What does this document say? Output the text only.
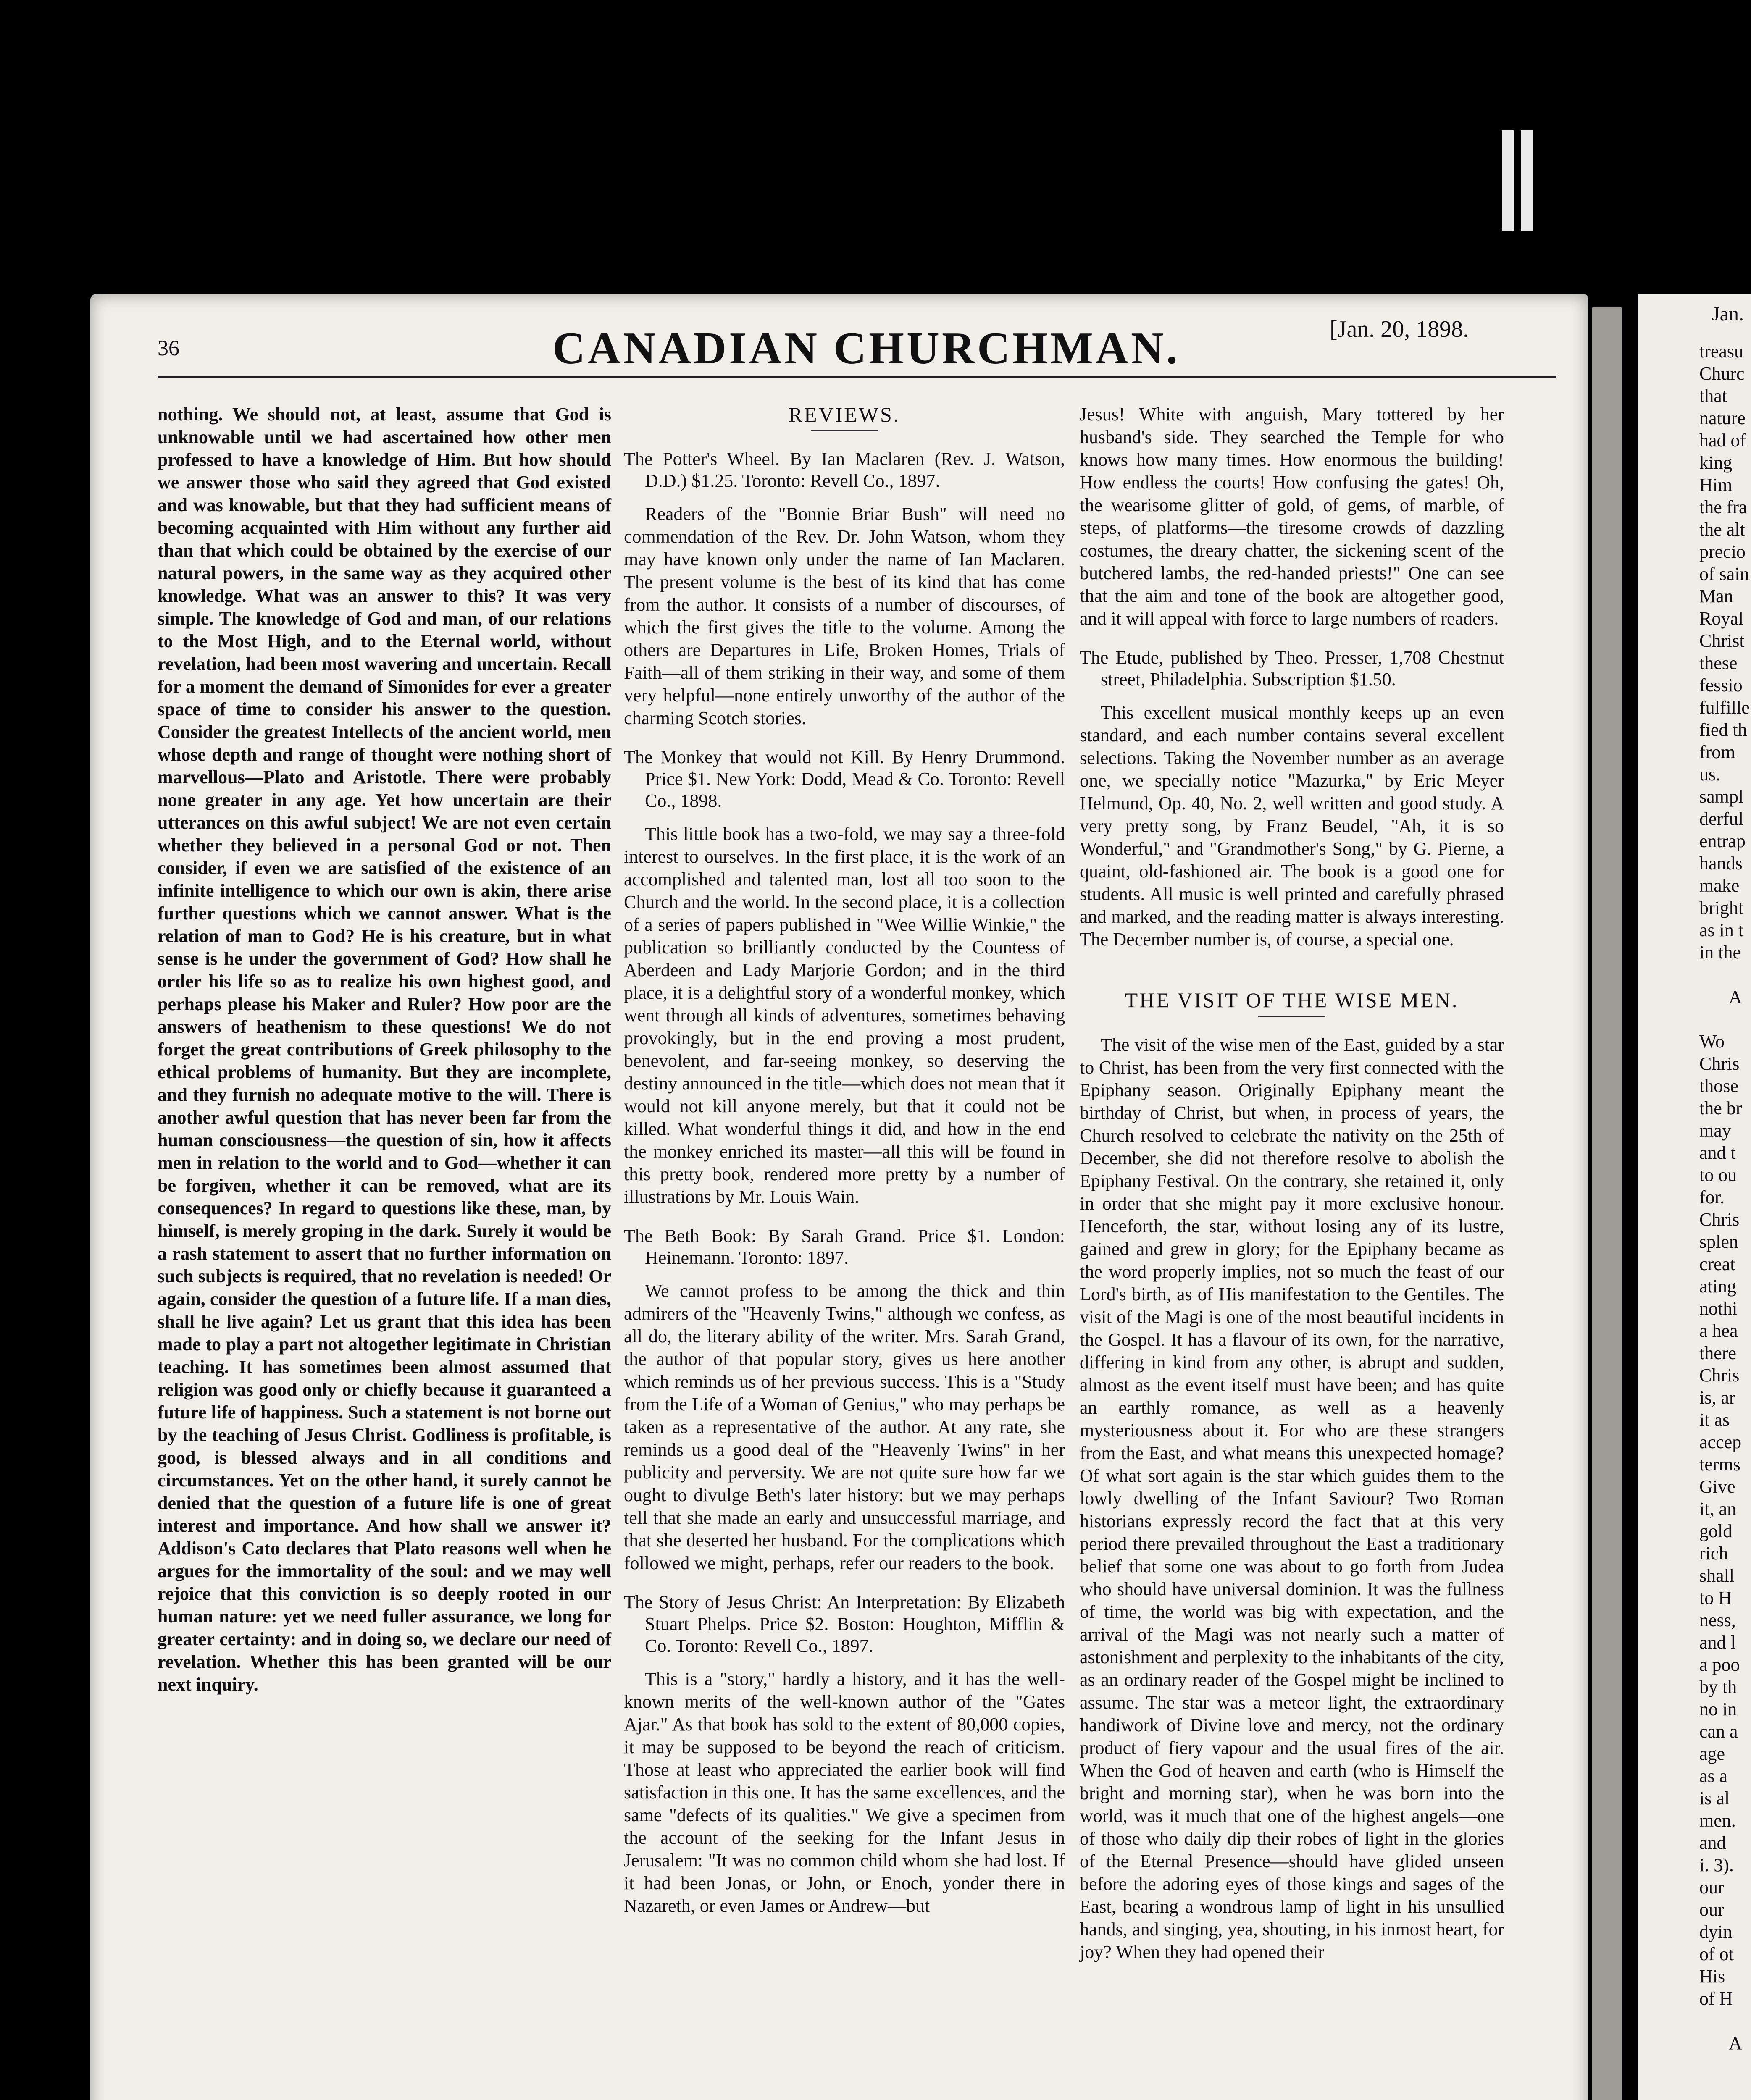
36	CANADIAN CHURCHMAN.	[Jan. 20, 1898.

nothing. We should not, at least, assume that God is unknowable until we had ascertained how other men professed to have a knowledge of Him. But how should we answer those who said they agreed that God existed and was knowable, but that they had sufficient means of becoming acquainted with Him without any further aid than that which could be obtained by the exercise of our natural powers, in the same way as they acquired other knowledge. What was an answer to this? It was very simple. The knowledge of God and man, of our relations to the Most High, and to the Eternal world, without revelation, had been most wavering and uncertain. Recall for a moment the demand of Simonides for ever a greater space of time to consider his answer to the question. Consider the greatest Intellects of the ancient world, men whose depth and range of thought were nothing short of marvellous—Plato and Aristotle. There were probably none greater in any age. Yet how uncertain are their utterances on this awful subject! We are not even certain whether they believed in a personal God or not. Then consider, if even we are satisfied of the existence of an infinite intelligence to which our own is akin, there arise further questions which we cannot answer. What is the relation of man to God? He is his creature, but in what sense is he under the government of God? How shall he order his life so as to realize his own highest good, and perhaps please his Maker and Ruler? How poor are the answers of heathenism to these questions! We do not forget the great contributions of Greek philosophy to the ethical problems of humanity. But they are incomplete, and they furnish no adequate motive to the will. There is another awful question that has never been far from the human consciousness—the question of sin, how it affects men in relation to the world and to God—whether it can be forgiven, whether it can be removed, what are its consequences? In regard to questions like these, man, by himself, is merely groping in the dark. Surely it would be a rash statement to assert that no further information on such subjects is required, that no revelation is needed! Or again, consider the question of a future life. If a man dies, shall he live again? Let us grant that this idea has been made to play a part not altogether legitimate in Christian teaching. It has sometimes been almost assumed that religion was good only or chiefly because it guaranteed a future life of happiness. Such a statement is not borne out by the teaching of Jesus Christ. Godliness is profitable, is good, is blessed always and in all conditions and circumstances. Yet on the other hand, it surely cannot be denied that the question of a future life is one of great interest and importance. And how shall we answer it? Addison's Cato declares that Plato reasons well when he argues for the immortality of the soul: and we may well rejoice that this conviction is so deeply rooted in our human nature: yet we need fuller assurance, we long for greater certainty: and in doing so, we declare our need of revelation. Whether this has been granted will be our next inquiry.

REVIEWS.

The Potter's Wheel. By Ian Maclaren (Rev. J. Watson, D.D.) $1.25. Toronto: Revell Co., 1897.

Readers of the "Bonnie Briar Bush" will need no commendation of the Rev. Dr. John Watson, whom they may have known only under the name of Ian Maclaren. The present volume is the best of its kind that has come from the author. It consists of a number of discourses, of which the first gives the title to the volume. Among the others are Departures in Life, Broken Homes, Trials of Faith—all of them striking in their way, and some of them very helpful—none entirely unworthy of the author of the charming Scotch stories.

The Monkey that would not Kill. By Henry Drummond. Price $1. New York: Dodd, Mead & Co. Toronto: Revell Co., 1898.

This little book has a two-fold, we may say a three-fold interest to ourselves. In the first place, it is the work of an accomplished and talented man, lost all too soon to the Church and the world. In the second place, it is a collection of a series of papers published in "Wee Willie Winkie," the publication so brilliantly conducted by the Countess of Aberdeen and Lady Marjorie Gordon; and in the third place, it is a delightful story of a wonderful monkey, which went through all kinds of adventures, sometimes behaving provokingly, but in the end proving a most prudent, benevolent, and far-seeing monkey, so deserving the destiny announced in the title—which does not mean that it would not kill anyone merely, but that it could not be killed. What wonderful things it did, and how in the end the monkey enriched its master—all this will be found in this pretty book, rendered more pretty by a number of illustrations by Mr. Louis Wain.

The Beth Book: By Sarah Grand. Price $1. London: Heinemann. Toronto: 1897.

We cannot profess to be among the thick and thin admirers of the "Heavenly Twins," although we confess, as all do, the literary ability of the writer. Mrs. Sarah Grand, the author of that popular story, gives us here another which reminds us of her previous success. This is a "Study from the Life of a Woman of Genius," who may perhaps be taken as a representative of the author. At any rate, she reminds us a good deal of the "Heavenly Twins" in her publicity and perversity. We are not quite sure how far we ought to divulge Beth's later history: but we may perhaps tell that she made an early and unsuccessful marriage, and that she deserted her husband. For the complications which followed we might, perhaps, refer our readers to the book.

The Story of Jesus Christ: An Interpretation: By Elizabeth Stuart Phelps. Price $2. Boston: Houghton, Mifflin & Co. Toronto: Revell Co., 1897.

This is a "story," hardly a history, and it has the well-known merits of the well-known author of the "Gates Ajar." As that book has sold to the extent of 80,000 copies, it may be supposed to be beyond the reach of criticism. Those at least who appreciated the earlier book will find satisfaction in this one. It has the same excellences, and the same "defects of its qualities." We give a specimen from the account of the seeking for the Infant Jesus in Jerusalem: "It was no common child whom she had lost. If it had been Jonas, or John, or Enoch, yonder there in Nazareth, or even James or Andrew—but

Jesus! White with anguish, Mary tottered by her husband's side. They searched the Temple for who knows how many times. How enormous the building! How endless the courts! How confusing the gates! Oh, the wearisome glitter of gold, of gems, of marble, of steps, of platforms—the tiresome crowds of dazzling costumes, the dreary chatter, the sickening scent of the butchered lambs, the red-handed priests!" One can see that the aim and tone of the book are altogether good, and it will appeal with force to large numbers of readers.

The Etude, published by Theo. Presser, 1,708 Chestnut street, Philadelphia. Subscription $1.50.

This excellent musical monthly keeps up an even standard, and each number contains several excellent selections. Taking the November number as an average one, we specially notice "Mazurka," by Eric Meyer Helmund, Op. 40, No. 2, well written and good study. A very pretty song, by Franz Beudel, "Ah, it is so Wonderful," and "Grandmother's Song," by G. Pierne, a quaint, old-fashioned air. The book is a good one for students. All music is well printed and carefully phrased and marked, and the reading matter is always interesting. The December number is, of course, a special one.

THE VISIT OF THE WISE MEN.

The visit of the wise men of the East, guided by a star to Christ, has been from the very first connected with the Epiphany season. Originally Epiphany meant the birthday of Christ, but when, in process of years, the Church resolved to celebrate the nativity on the 25th of December, she did not therefore resolve to abolish the Epiphany Festival. On the contrary, she retained it, only in order that she might pay it more exclusive honour. Henceforth, the star, without losing any of its lustre, gained and grew in glory; for the Epiphany became as the word properly implies, not so much the feast of our Lord's birth, as of His manifestation to the Gentiles. The visit of the Magi is one of the most beautiful incidents in the Gospel. It has a flavour of its own, for the narrative, differing in kind from any other, is abrupt and sudden, almost as the event itself must have been; and has quite an earthly romance, as well as a heavenly mysteriousness about it. For who are these strangers from the East, and what means this unexpected homage? Of what sort again is the star which guides them to the lowly dwelling of the Infant Saviour? Two Roman historians expressly record the fact that at this very period there prevailed throughout the East a traditionary belief that some one was about to go forth from Judea who should have universal dominion. It was the fullness of time, the world was big with expectation, and the arrival of the Magi was not nearly such a matter of astonishment and perplexity to the inhabitants of the city, as an ordinary reader of the Gospel might be inclined to assume. The star was a meteor light, the extraordinary handiwork of Divine love and mercy, not the ordinary product of fiery vapour and the usual fires of the air. When the God of heaven and earth (who is Himself the bright and morning star), when he was born into the world, was it much that one of the highest angels—one of those who daily dip their robes of light in the glories of the Eternal Presence—should have glided unseen before the adoring eyes of those kings and sages of the East, bearing a wondrous lamp of light in his unsullied hands, and singing, yea, shouting, in his inmost heart, for joy? When they had opened their

Jan.
treasu
Churc
that
nature
had of
king
Him
the fra
the alt
precio
of sain
Man
Royal
Christ
these
fessio
fulfille
fied th
from
us.
sampl
derful
entrap
hands
make
bright
as in t
in the
A
Wo
Chris
those
the br
may
and t
to ou
for.
Chris
splen
creat
ating
nothi
a hea
there
Chris
is, ar
it as
accep
terms
Give
it, an
gold
rich
shall
to H
ness,
and l
a poo
by th
no in
can a
age
as a
is al
men.
and
i. 3).
our
our
dyin
of ot
His
of H
A
